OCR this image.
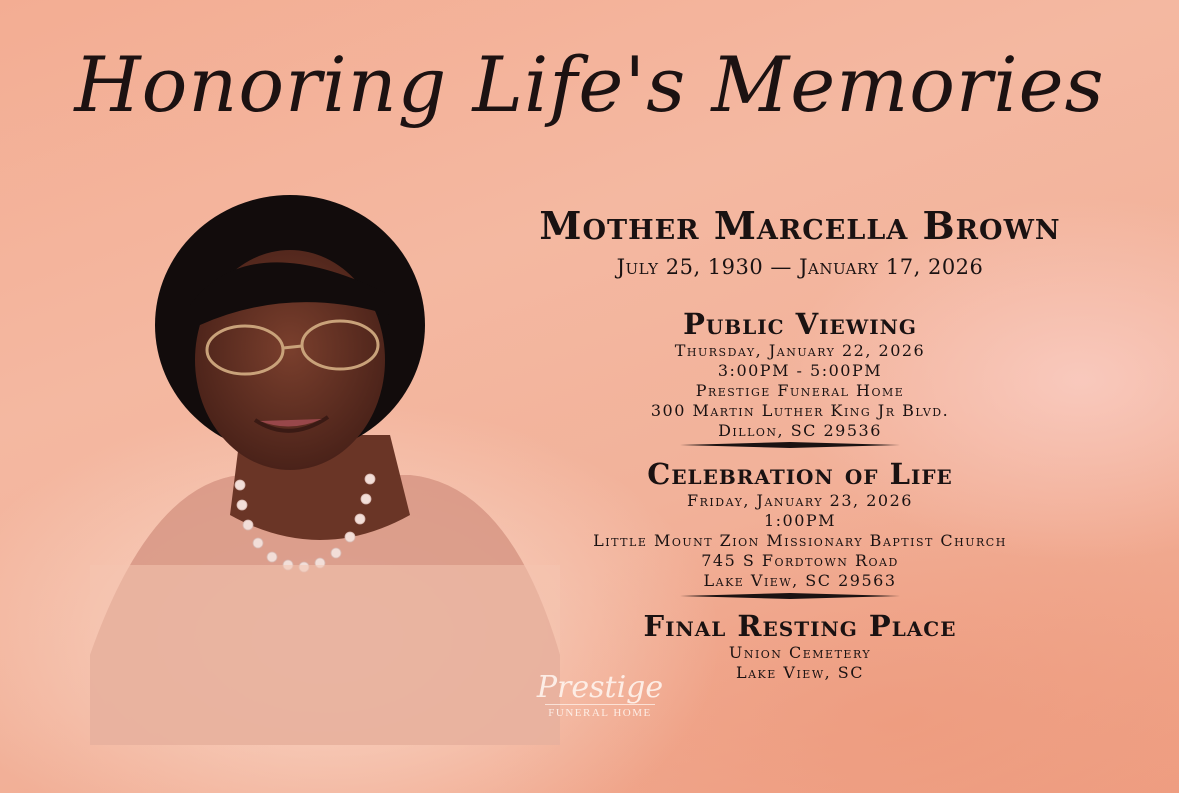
Honoring Life's Memories
Mother Marcella Brown
July 25, 1930 — January 17, 2026
Public Viewing
Thursday, January 22, 2026
3:00PM - 5:00PM
Prestige Funeral Home
300 Martin Luther King Jr Blvd.
Dillon, SC 29536
Celebration of Life
Friday, January 23, 2026
1:00PM
Little Mount Zion Missionary Baptist Church
745 S Fordtown Road
Lake View, SC 29563
Final Resting Place
Union Cemetery
Lake View, SC
Prestige
FUNERAL HOME
